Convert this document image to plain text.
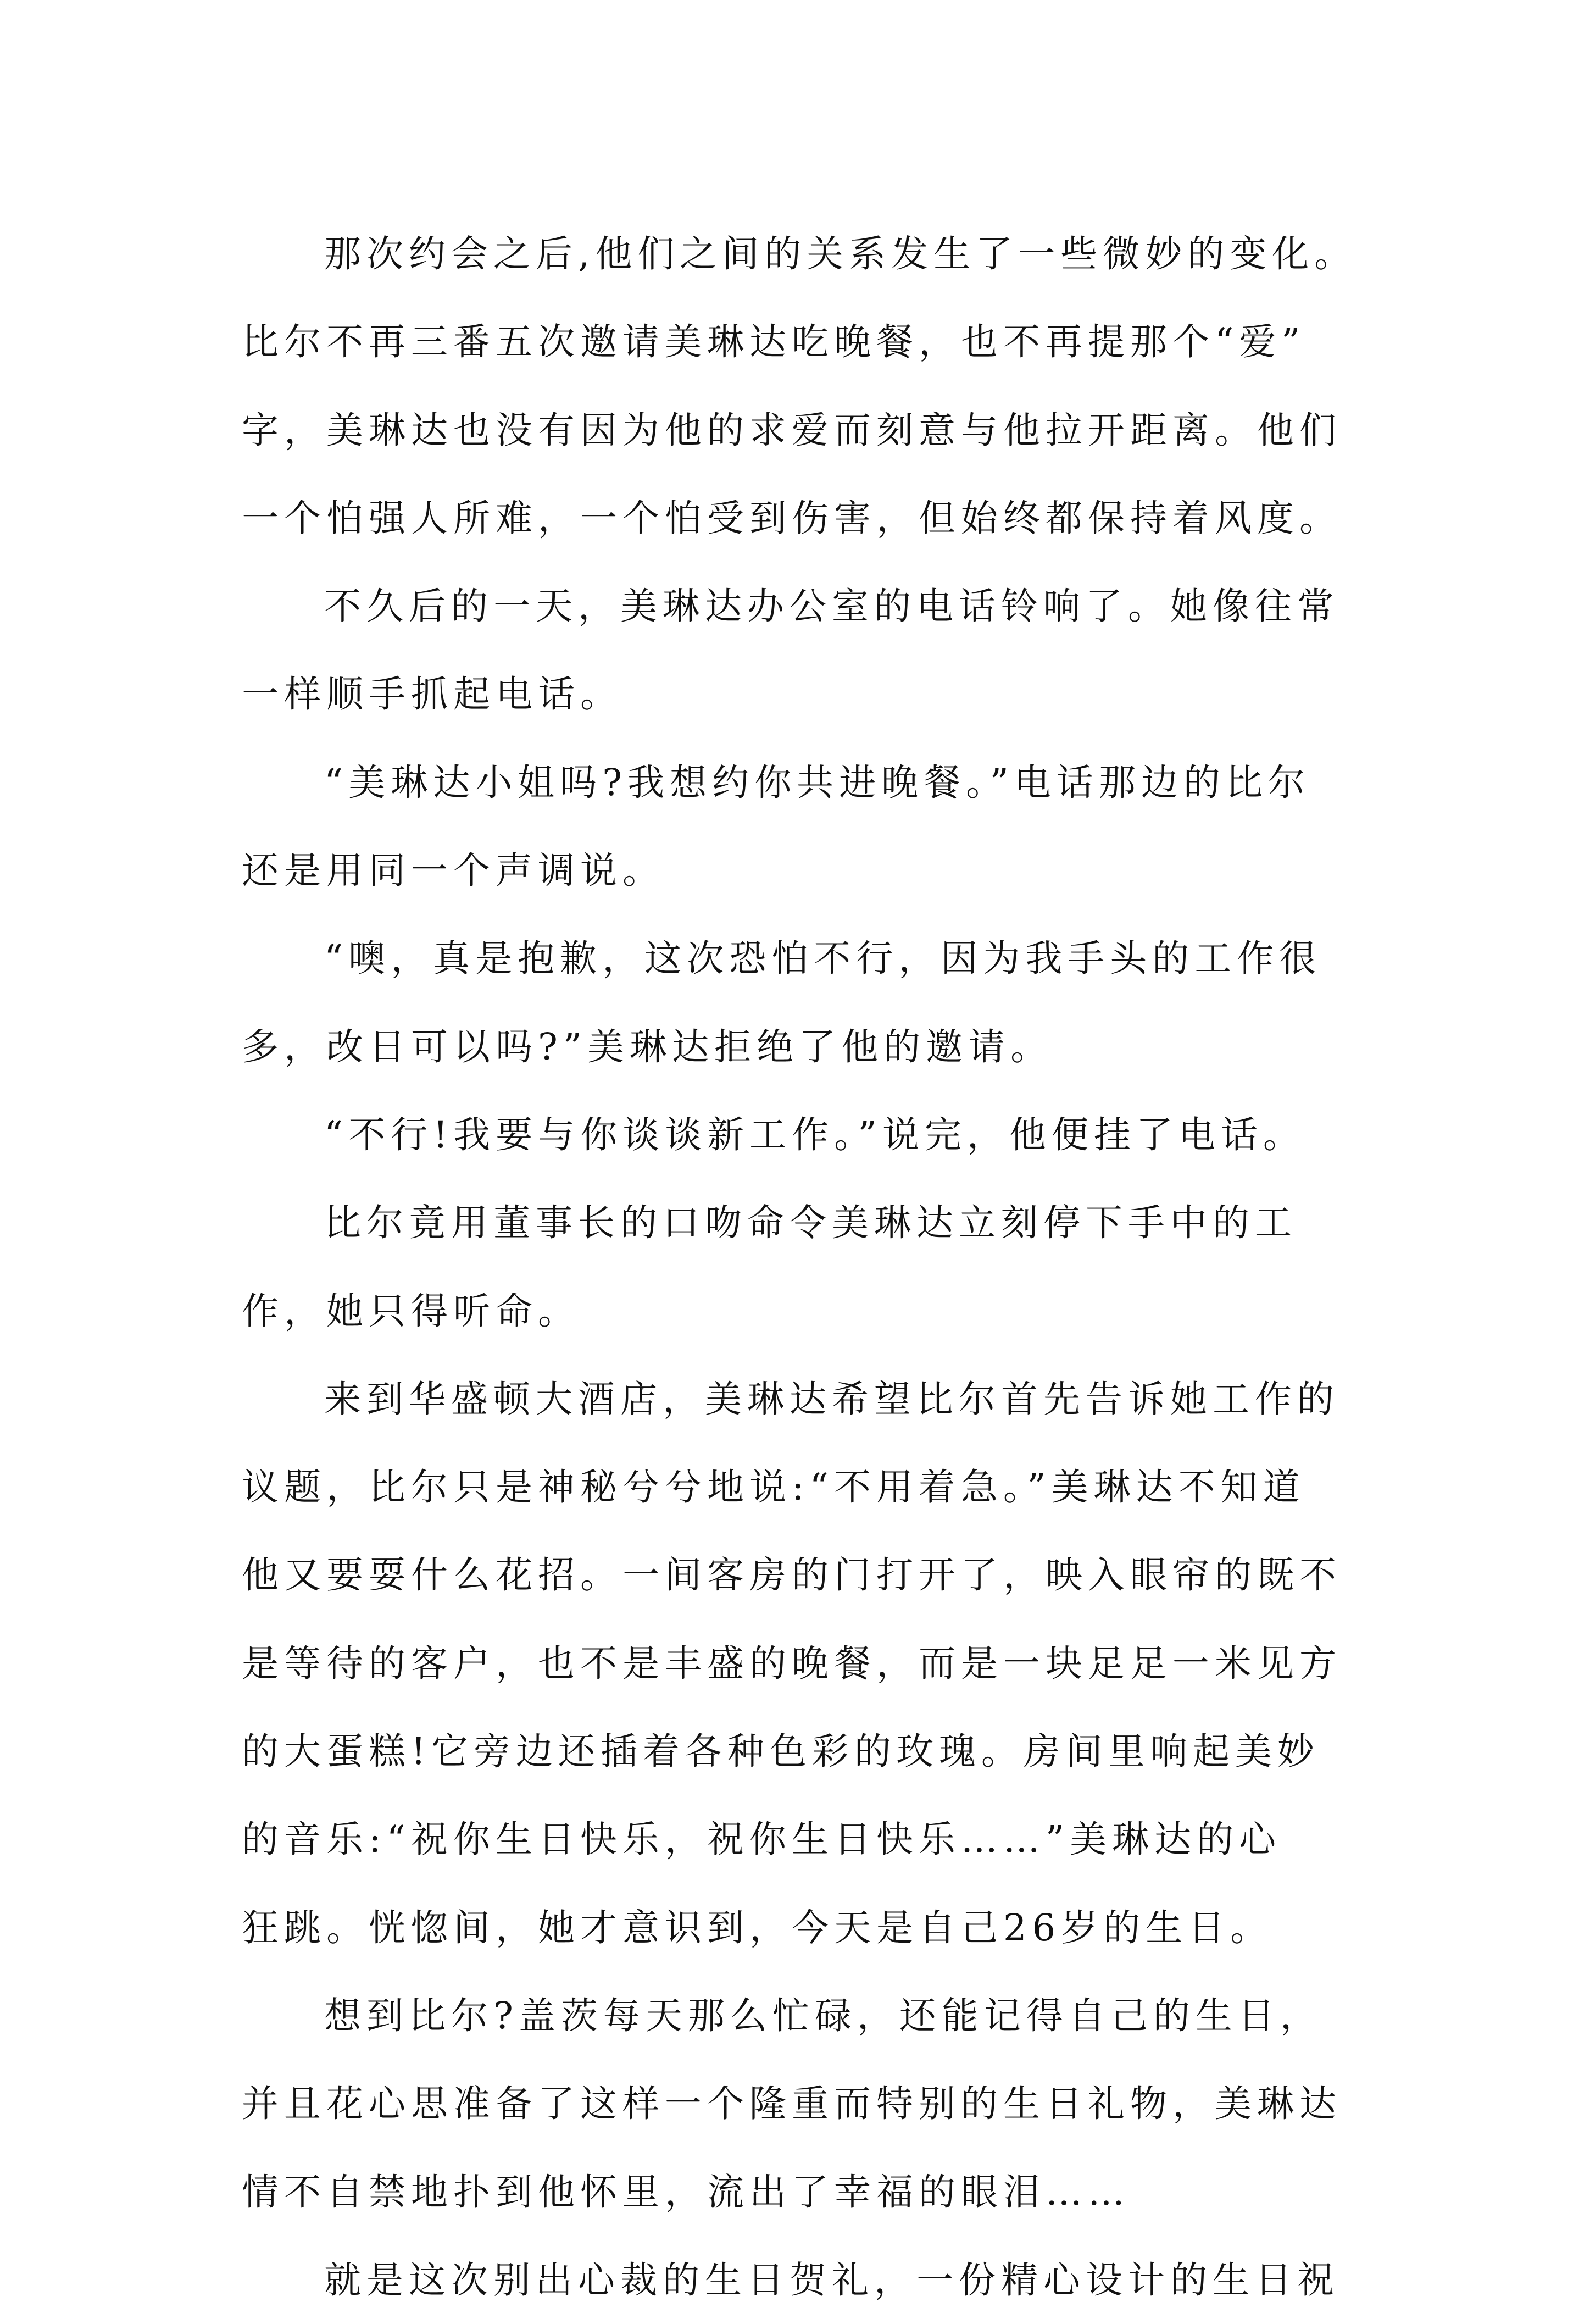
那次约会之后,他们之间的关系发生了一些微妙的变化。
比尔不再三番五次邀请美琳达吃晚餐，也不再提那个“爱”
字，美琳达也没有因为他的求爱而刻意与他拉开距离。他们
一个怕强人所难，一个怕受到伤害，但始终都保持着风度。
不久后的一天，美琳达办公室的电话铃响了。她像往常
一样顺手抓起电话。
“美琳达小姐吗?我想约你共进晚餐。”电话那边的比尔
还是用同一个声调说。
“噢，真是抱歉，这次恐怕不行，因为我手头的工作很
多，改日可以吗?”美琳达拒绝了他的邀请。
“不行!我要与你谈谈新工作。”说完，他便挂了电话。
比尔竟用董事长的口吻命令美琳达立刻停下手中的工
作，她只得听命。
来到华盛顿大酒店，美琳达希望比尔首先告诉她工作的
议题，比尔只是神秘兮兮地说:“不用着急。”美琳达不知道
他又要耍什么花招。一间客房的门打开了，映入眼帘的既不
是等待的客户，也不是丰盛的晚餐，而是一块足足一米见方
的大蛋糕!它旁边还插着各种色彩的玫瑰。房间里响起美妙
的音乐:“祝你生日快乐，祝你生日快乐……”美琳达的心
狂跳。恍惚间，她才意识到，今天是自己26岁的生日。
想到比尔?盖茨每天那么忙碌，还能记得自己的生日，
并且花心思准备了这样一个隆重而特别的生日礼物，美琳达
情不自禁地扑到他怀里，流出了幸福的眼泪……
就是这次别出心裁的生日贺礼，一份精心设计的生日祝
